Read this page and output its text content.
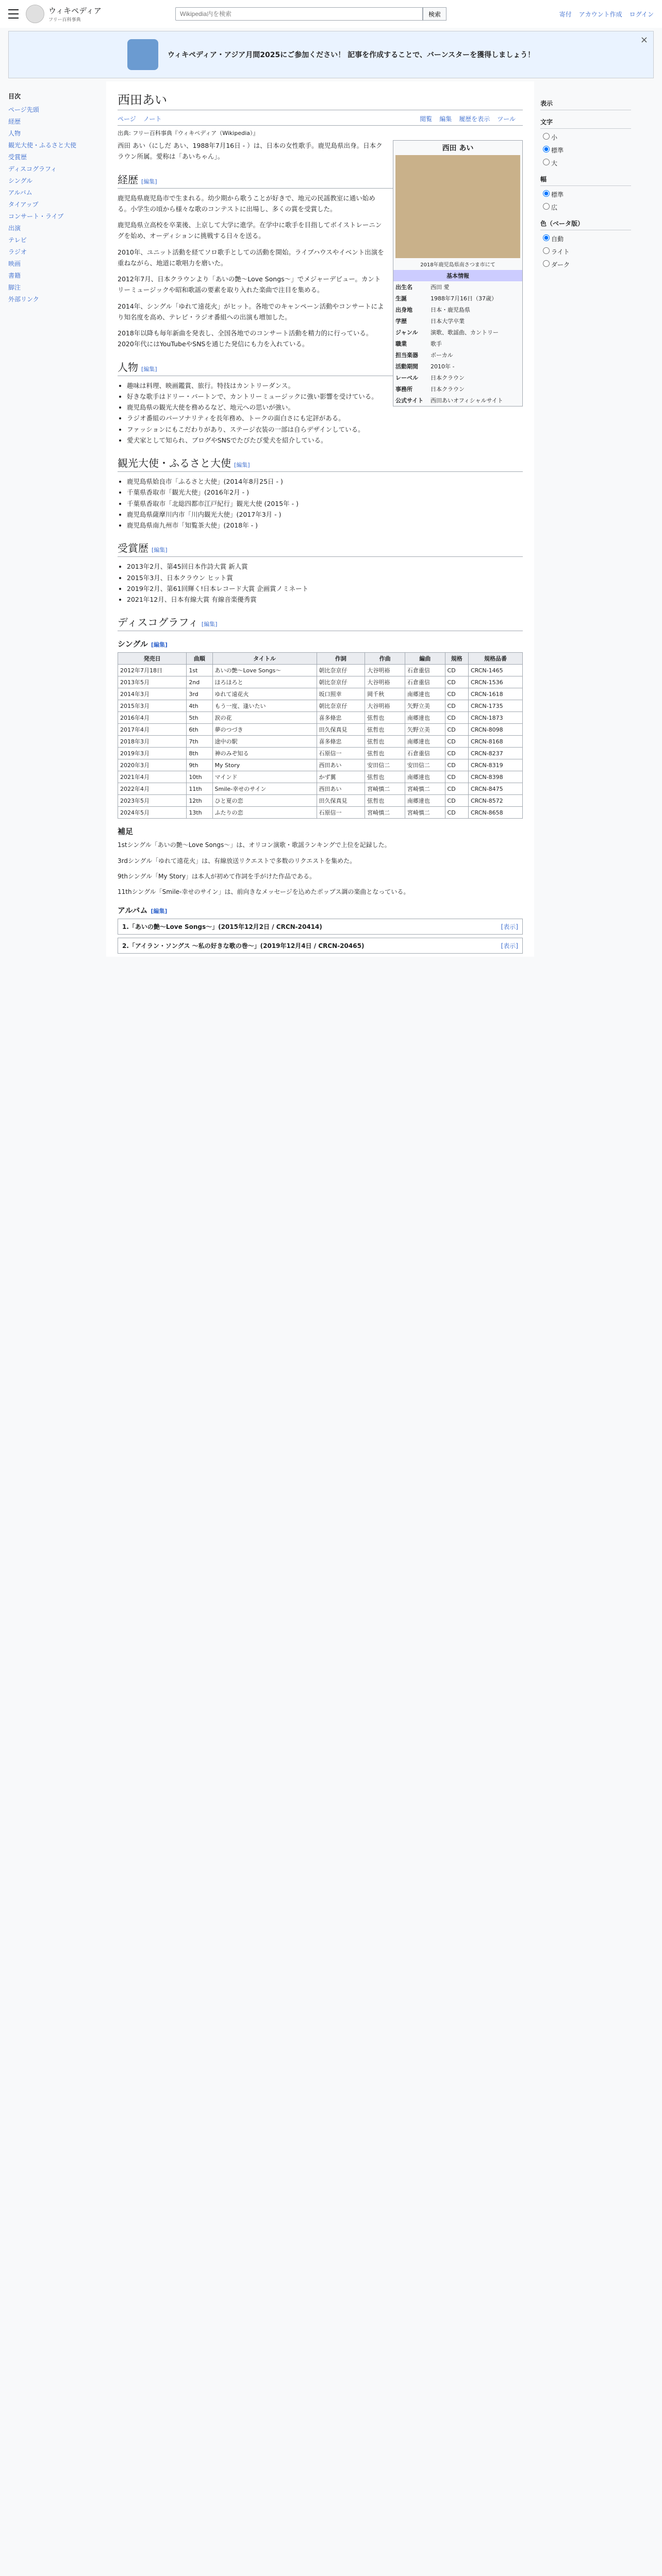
ウィキペディア
フリー百科事典
Wikipedia内を検索
検索	寄付 アカウント作成 ログイン
ウィキペディア・アジア月間2025にご参加ください！ 記事を作成することで、バーンスターを獲得しましょう！
×
目次
ページ先頭
経歴
人物
観光大使・ふるさと大使
受賞歴
ディスコグラフィ
シングル
アルバム
タイアップ
コンサート・ライブ
出演
テレビ
ラジオ
映画
書籍
脚注
外部リンク
西田あい
ページ ノート	閲覧 編集 履歴を表示 ツール
出典: フリー百科事典『ウィキペディア（Wikipedia）』
西田 あい
2018年鹿児島県南さつま市にて
基本情報
出生名	西田 愛
生誕	1988年7月16日（37歳）
出身地	日本・鹿児島県
学歴	日本大学卒業
ジャンル	演歌、歌謡曲、カントリー
職業	歌手
担当楽器	ボーカル
活動期間	2010年 -
レーベル	日本クラウン
事務所	日本クラウン
公式サイト	西田あいオフィシャルサイト

西田 あい（にしだ あい、1988年7月16日 - ）は、日本の女性歌手。鹿児島県出身。日本クラウン所属。愛称は「あいちゃん」。

経歴 [編集]

鹿児島県鹿児島市で生まれる。幼少期から歌うことが好きで、地元の民謡教室に通い始める。小学生の頃から様々な歌のコンテストに出場し、多くの賞を受賞した。

鹿児島県立高校を卒業後、上京して大学に進学。在学中に歌手を目指してボイストレーニングを始め、オーディションに挑戦する日々を送る。

2010年、ユニット活動を経てソロ歌手としての活動を開始。ライブハウスやイベント出演を重ねながら、地道に歌唱力を磨いた。

2012年7月、日本クラウンより「あいの艶〜Love Songs〜」でメジャーデビュー。カントリーミュージックや昭和歌謡の要素を取り入れた楽曲で注目を集める。

2014年、シングル「ゆれて遠花火」がヒット。各地でのキャンペーン活動やコンサートにより知名度を高め、テレビ・ラジオ番組への出演も増加した。

2018年以降も毎年新曲を発表し、全国各地でのコンサート活動を精力的に行っている。2020年代にはYouTubeやSNSを通じた発信にも力を入れている。

人物 [編集]
• 趣味は料理、映画鑑賞、旅行。特技はカントリーダンス。
• 好きな歌手はドリー・パートンで、カントリーミュージックに強い影響を受けている。
• 鹿児島県の観光大使を務めるなど、地元への思いが強い。
• ラジオ番組のパーソナリティを長年務め、トークの面白さにも定評がある。
• ファッションにもこだわりがあり、ステージ衣装の一部は自らデザインしている。
• 愛犬家として知られ、ブログやSNSでたびたび愛犬を紹介している。
観光大使・ふるさと大使 [編集]
• 鹿児島県姶良市「ふるさと大使」(2014年8月25日 - )
• 千葉県香取市「観光大使」(2016年2月 - )
• 千葉県香取市「北総四都市江戸紀行」観光大使 (2015年 - )
• 鹿児島県薩摩川内市「川内観光大使」(2017年3月 - )
• 鹿児島県南九州市「知覧茶大使」(2018年 - )
受賞歴 [編集]
• 2013年2月、第45回日本作詩大賞 新人賞
• 2015年3月、日本クラウン ヒット賞
• 2019年2月、第61回輝く!日本レコード大賞 企画賞ノミネート
• 2021年12月、日本有線大賞 有線音楽優秀賞
ディスコグラフィ [編集]
シングル [編集]
発売日	曲順	タイトル	作詞	作曲	編曲	規格	規格品番
2012年7月18日	1st	あいの艶〜Love Songs〜	朝比奈京仔	大谷明裕	石倉重信	CD	CRCN-1465
2013年5月	2nd	ほろほろと	朝比奈京仔	大谷明裕	石倉重信	CD	CRCN-1536
2014年3月	3rd	ゆれて遠花火	坂口照幸	岡千秋	南郷達也	CD	CRCN-1618
2015年3月	4th	もう一度、逢いたい	朝比奈京仔	大谷明裕	矢野立美	CD	CRCN-1735
2016年4月	5th	涙の花	喜多條忠	弦哲也	南郷達也	CD	CRCN-1873
2017年4月	6th	夢のつづき	田久保真見	弦哲也	矢野立美	CD	CRCN-8098
2018年3月	7th	途中の駅	喜多條忠	弦哲也	南郷達也	CD	CRCN-8168
2019年3月	8th	神のみぞ知る	石原信一	弦哲也	石倉重信	CD	CRCN-8237
2020年3月	9th	My Story	西田あい	安田信二	安田信二	CD	CRCN-8319
2021年4月	10th	マインド	かず翼	弦哲也	南郷達也	CD	CRCN-8398
2022年4月	11th	Smile-幸せのサイン	西田あい	宮崎慎二	宮崎慎二	CD	CRCN-8475
2023年5月	12th	ひと夏の恋	田久保真見	弦哲也	南郷達也	CD	CRCN-8572
2024年5月	13th	ふたりの恋	石原信一	宮崎慎二	宮崎慎二	CD	CRCN-8658
補足

1stシングル「あいの艶〜Love Songs〜」は、オリコン演歌・歌謡ランキングで上位を記録した。

3rdシングル「ゆれて遠花火」は、有線放送リクエストで多数のリクエストを集めた。

9thシングル「My Story」は本人が初めて作詞を手がけた作品である。

11thシングル「Smile-幸せのサイン」は、前向きなメッセージを込めたポップス調の楽曲となっている。

アルバム [編集]
1.「あいの艶〜Love Songs〜」(2015年12月2日 / CRCN-20414)	[表示]
2.「アイラン・ソングス 〜私の好きな歌の巻〜」(2019年12月4日 / CRCN-20465)	[表示]
表示
文字
小
標準
大
幅
標準
広
色（ベータ版）
自動
ライト
ダーク
